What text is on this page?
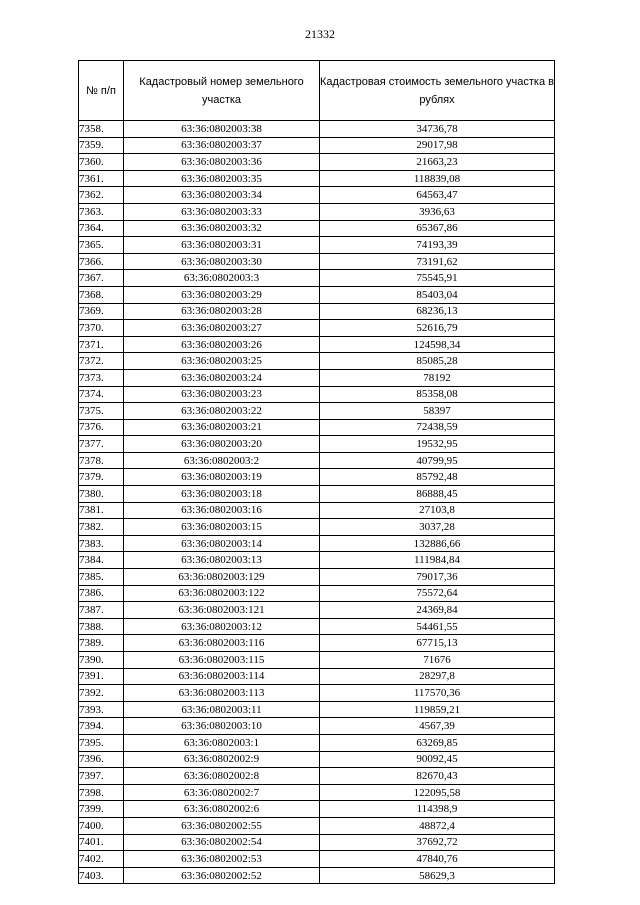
21332
№ п/п	Кадастровый номер земельного участка	Кадастровая стоимость земельного участка в рублях
7358.	63:36:0802003:38	34736,78
7359.	63:36:0802003:37	29017,98
7360.	63:36:0802003:36	21663,23
7361.	63:36:0802003:35	118839,08
7362.	63:36:0802003:34	64563,47
7363.	63:36:0802003:33	3936,63
7364.	63:36:0802003:32	65367,86
7365.	63:36:0802003:31	74193,39
7366.	63:36:0802003:30	73191,62
7367.	63:36:0802003:3	75545,91
7368.	63:36:0802003:29	85403,04
7369.	63:36:0802003:28	68236,13
7370.	63:36:0802003:27	52616,79
7371.	63:36:0802003:26	124598,34
7372.	63:36:0802003:25	85085,28
7373.	63:36:0802003:24	78192
7374.	63:36:0802003:23	85358,08
7375.	63:36:0802003:22	58397
7376.	63:36:0802003:21	72438,59
7377.	63:36:0802003:20	19532,95
7378.	63:36:0802003:2	40799,95
7379.	63:36:0802003:19	85792,48
7380.	63:36:0802003:18	86888,45
7381.	63:36:0802003:16	27103,8
7382.	63:36:0802003:15	3037,28
7383.	63:36:0802003:14	132886,66
7384.	63:36:0802003:13	111984,84
7385.	63:36:0802003:129	79017,36
7386.	63:36:0802003:122	75572,64
7387.	63:36:0802003:121	24369,84
7388.	63:36:0802003:12	54461,55
7389.	63:36:0802003:116	67715,13
7390.	63:36:0802003:115	71676
7391.	63:36:0802003:114	28297,8
7392.	63:36:0802003:113	117570,36
7393.	63:36:0802003:11	119859,21
7394.	63:36:0802003:10	4567,39
7395.	63:36:0802003:1	63269,85
7396.	63:36:0802002:9	90092,45
7397.	63:36:0802002:8	82670,43
7398.	63:36:0802002:7	122095,58
7399.	63:36:0802002:6	114398,9
7400.	63:36:0802002:55	48872,4
7401.	63:36:0802002:54	37692,72
7402.	63:36:0802002:53	47840,76
7403.	63:36:0802002:52	58629,3
